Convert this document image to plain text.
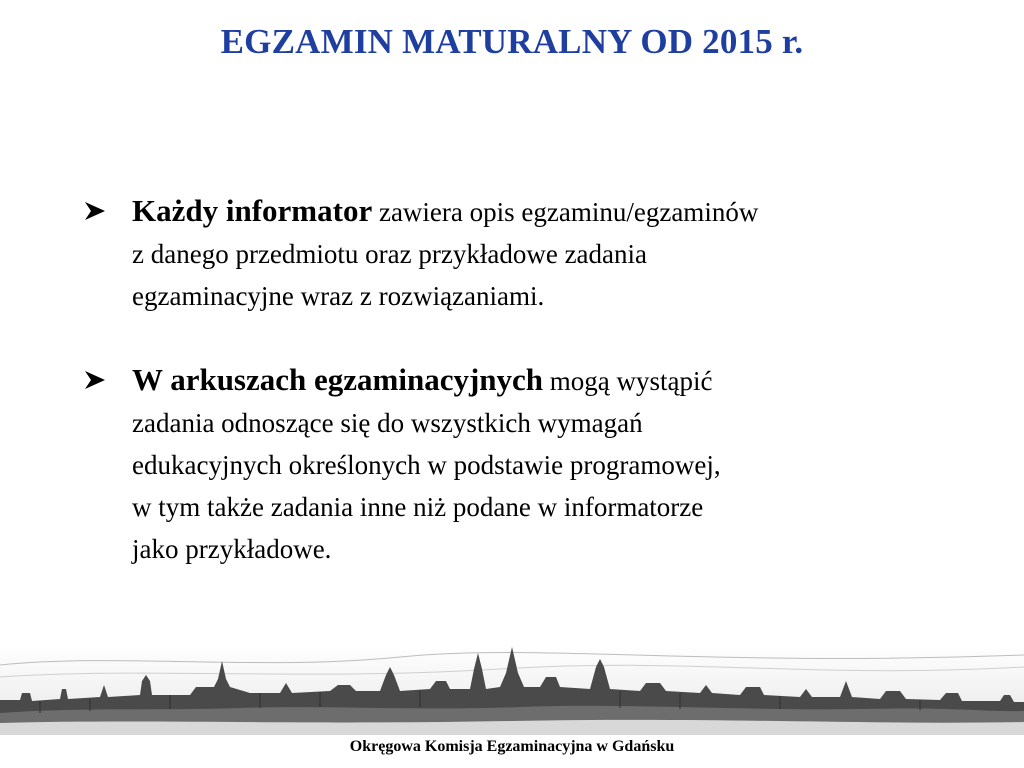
EGZAMIN MATURALNY OD 2015 r.
Każdy informator zawiera opis egzaminu/egzaminów
z danego przedmiotu oraz przykładowe zadania
egzaminacyjne wraz z rozwiązaniami.
W arkuszach egzaminacyjnych mogą wystąpić
zadania odnoszące się do wszystkich wymagań
edukacyjnych określonych w podstawie programowej,
w tym także zadania inne niż podane w informatorze
jako przykładowe.
Okręgowa Komisja Egzaminacyjna w Gdańsku
